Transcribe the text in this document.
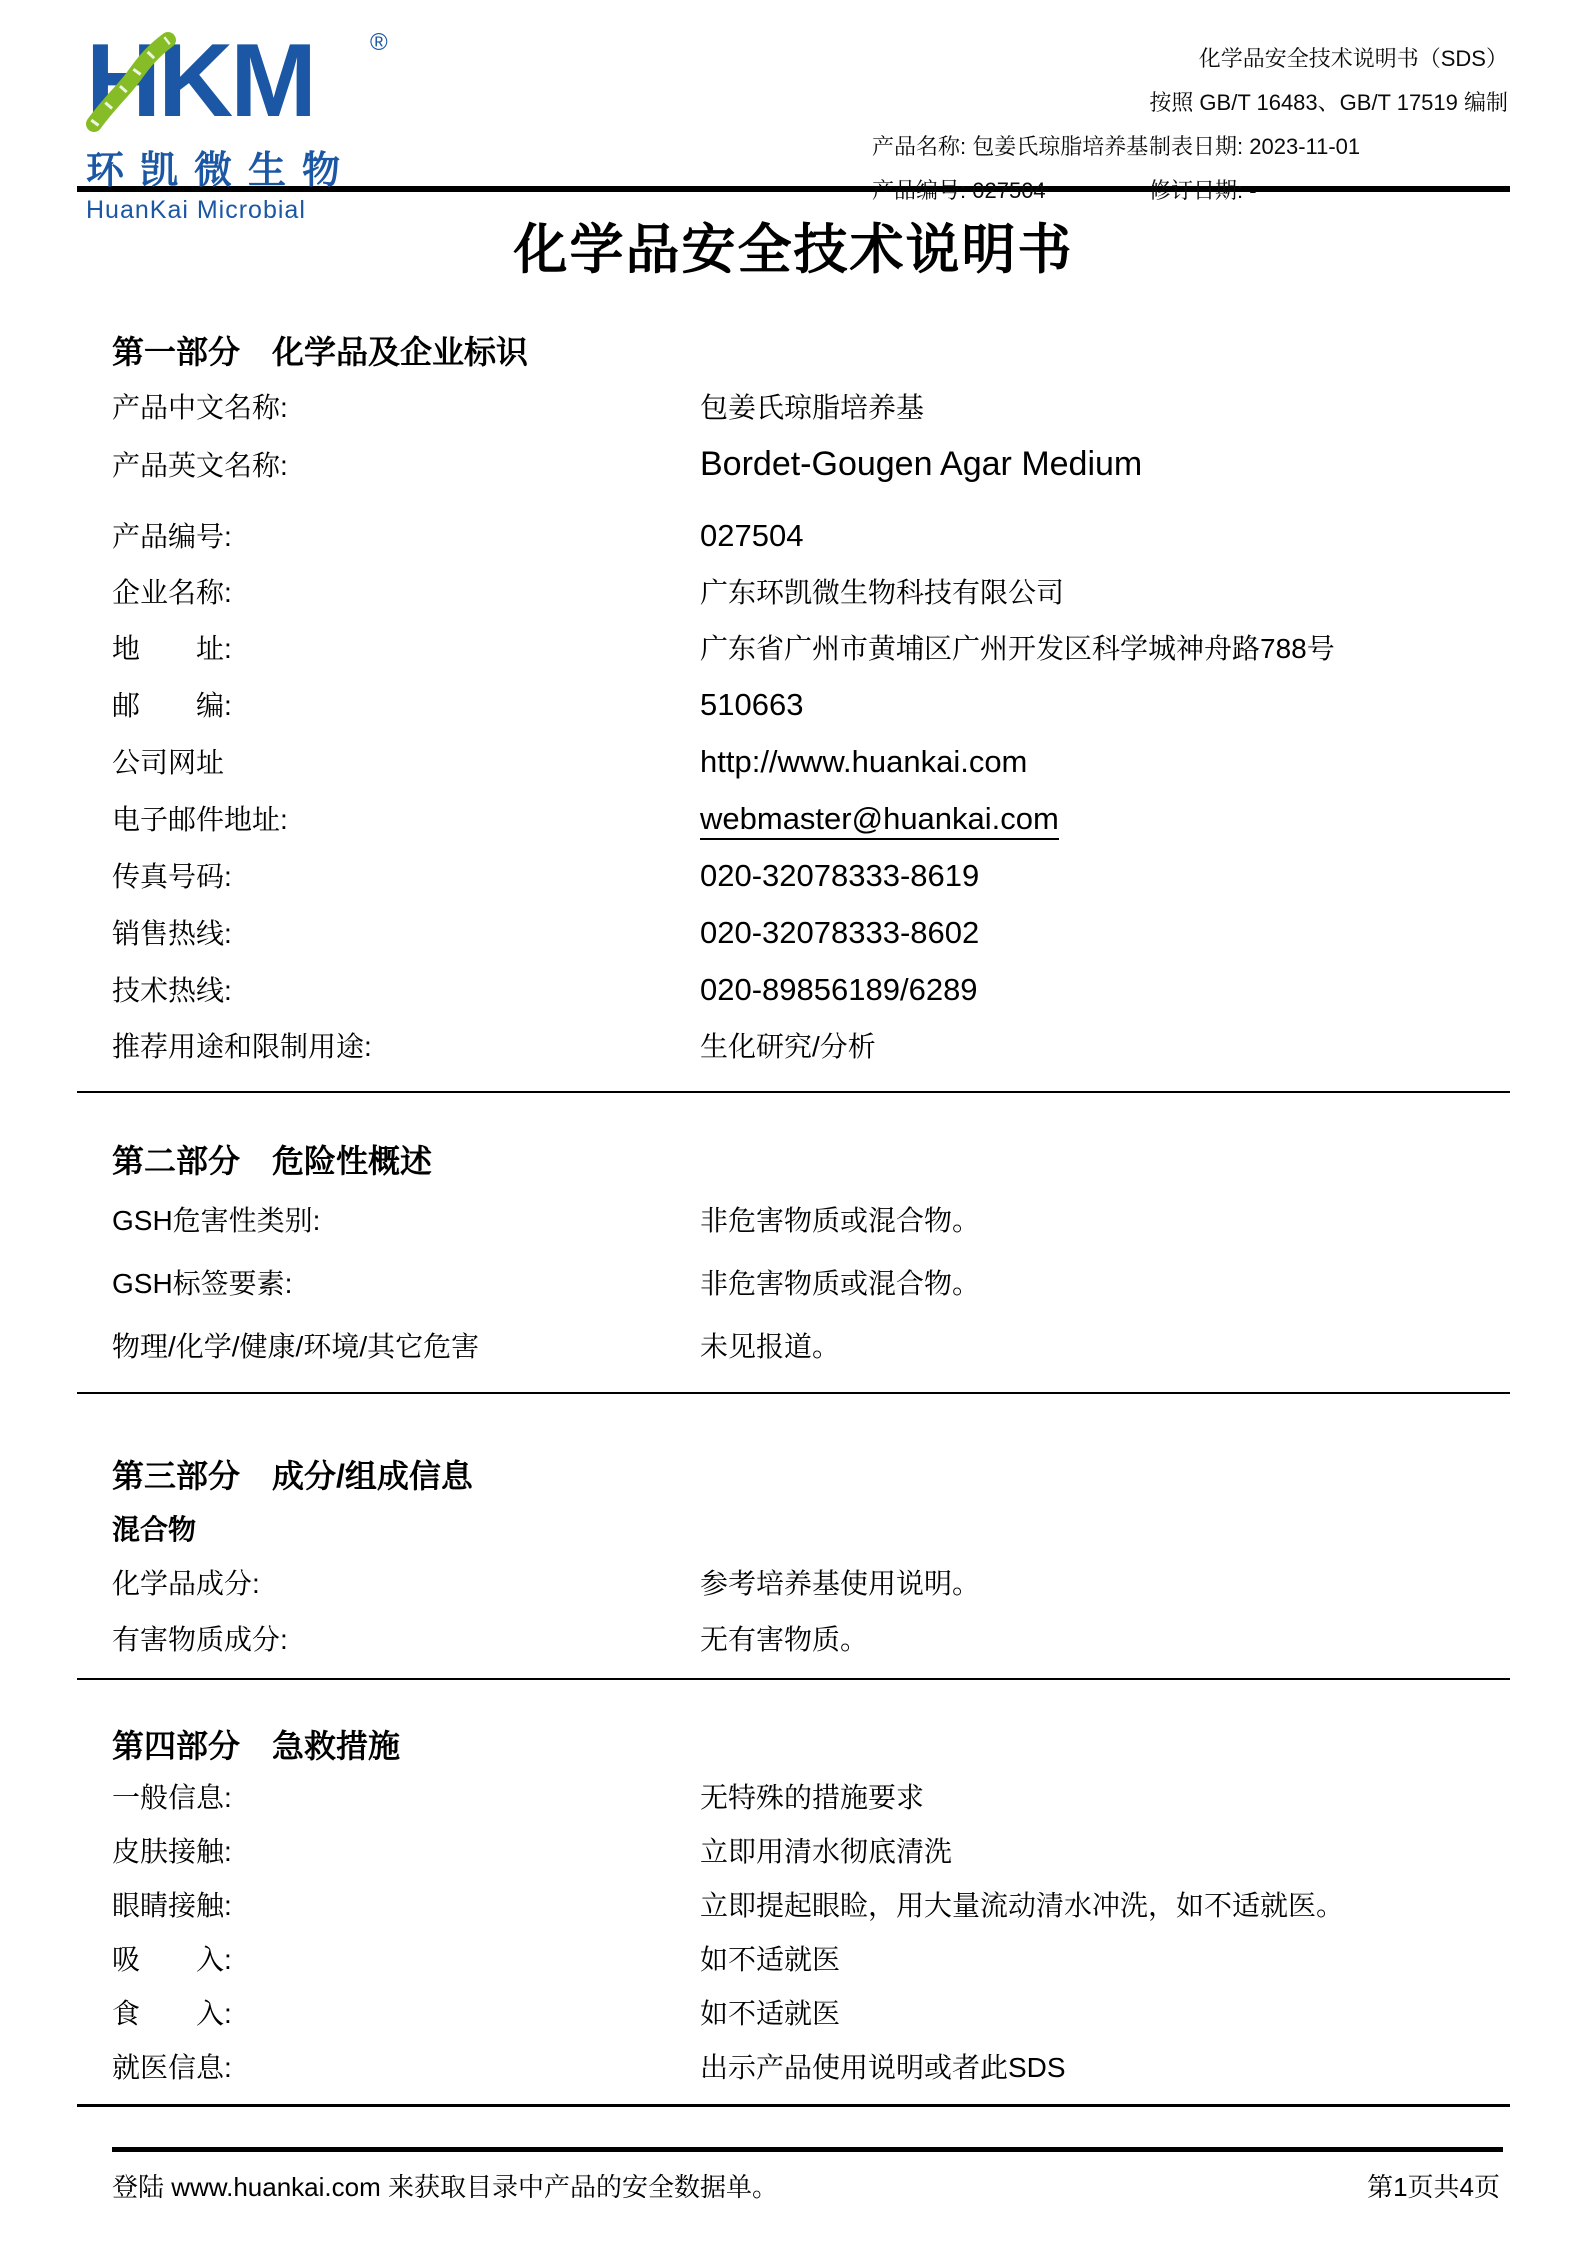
HKM ®
环凯微生物
HuanKai Microbial
化学品安全技术说明书（SDS）
按照 GB/T 16483、GB/T 17519 编制
产品名称: 包姜氏琼脂培养基 制表日期: 2023-11-01
产品编号: 027504	修订日期: -
化学品安全技术说明书
第一部分　化学品及企业标识
产品中文名称:	包姜氏琼脂培养基
产品英文名称:	Bordet-Gougen Agar Medium
产品编号:	027504
企业名称:	广东环凯微生物科技有限公司
地　　址:	广东省广州市黄埔区广州开发区科学城神舟路788号
邮　　编:	510663
公司网址	http://www.huankai.com
电子邮件地址:	webmaster@huankai.com
传真号码:	020-32078333-8619
销售热线:	020-32078333-8602
技术热线:	020-89856189/6289
推荐用途和限制用途:	生化研究/分析
第二部分　危险性概述
GSH危害性类别:	非危害物质或混合物。
GSH标签要素:	非危害物质或混合物。
物理/化学/健康/环境/其它危害	未见报道。
第三部分　成分/组成信息
混合物
化学品成分:	参考培养基使用说明。
有害物质成分:	无有害物质。
第四部分　急救措施
一般信息:	无特殊的措施要求
皮肤接触:	立即用清水彻底清洗
眼睛接触:	立即提起眼睑，用大量流动清水冲洗，如不适就医。
吸　　入:	如不适就医
食　　入:	如不适就医
就医信息:	出示产品使用说明或者此SDS
登陆 www.huankai.com 来获取目录中产品的安全数据单。	第1页共4页
